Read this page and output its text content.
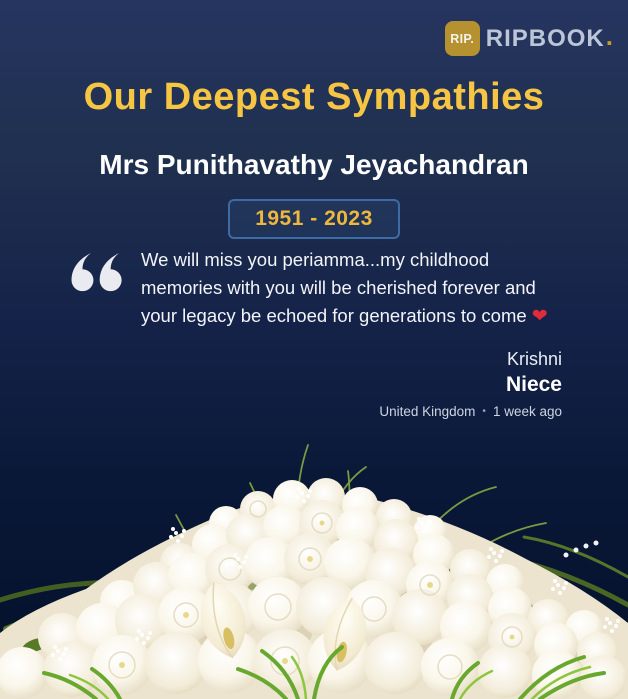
RIP. RIPBOOK .
Our Deepest Sympathies
Mrs Punithavathy Jeyachandran
1951 - 2023

We will miss you periamma...my childhood memories with you will be cherished forever and your legacy be echoed for generations to come ❤

Krishni
Niece
United Kingdom • 1 week ago
